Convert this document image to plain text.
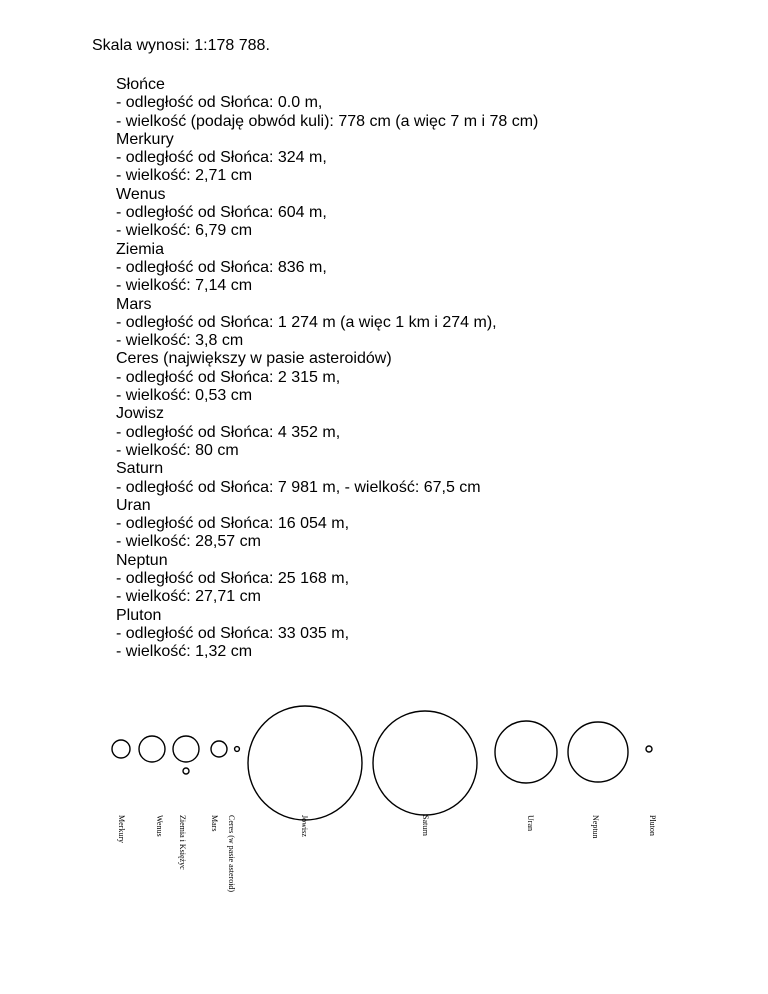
Skala wynosi: 1:178 788.
Słońce
- odległość od Słońca: 0.0 m,
- wielkość (podaję obwód kuli): 778 cm (a więc 7 m i 78 cm)
Merkury
- odległość od Słońca: 324 m,
- wielkość: 2,71 cm
Wenus
- odległość od Słońca: 604 m,
- wielkość: 6,79 cm
Ziemia
- odległość od Słońca: 836 m,
- wielkość: 7,14 cm
Mars
- odległość od Słońca: 1 274 m (a więc 1 km i 274 m),
- wielkość: 3,8 cm
Ceres (największy w pasie asteroidów)
- odległość od Słońca: 2 315 m,
- wielkość: 0,53 cm
Jowisz
- odległość od Słońca: 4 352 m,
- wielkość: 80 cm
Saturn
- odległość od Słońca: 7 981 m, - wielkość: 67,5 cm
Uran
- odległość od Słońca: 16 054 m,
- wielkość: 28,57 cm
Neptun
- odległość od Słońca: 25 168 m,
- wielkość: 27,71 cm
Pluton
- odległość od Słońca: 33 035 m,
- wielkość: 1,32 cm
Merkury	Wenus Ziemia i Księżyc	Mars Ceres (w pasie asteroid)	Jowisz	Saturn	Uran	Neptun	Pluton
